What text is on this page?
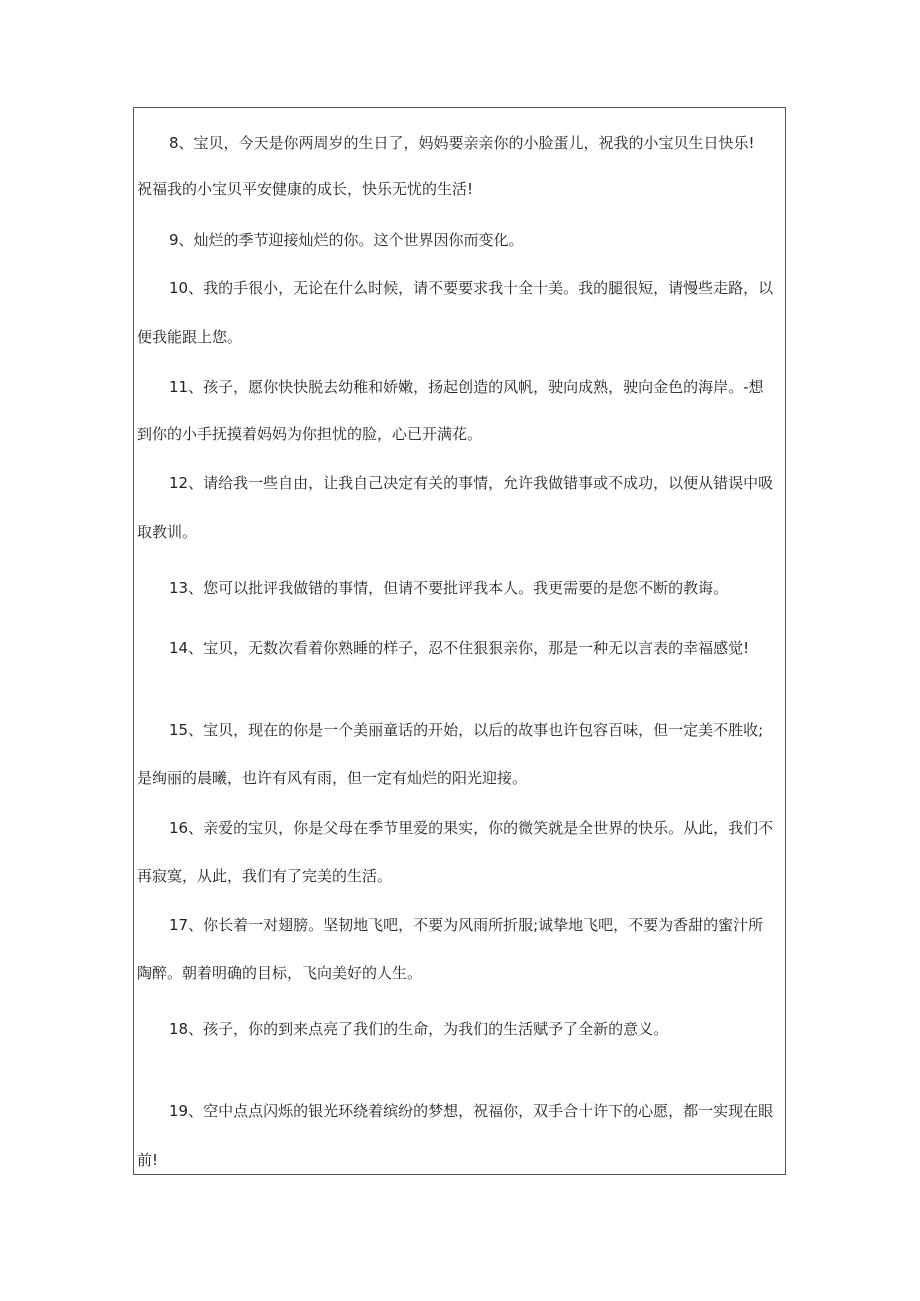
8、宝贝，今天是你两周岁的生日了，妈妈要亲亲你的小脸蛋儿，祝我的小宝贝生日快乐!
祝福我的小宝贝平安健康的成长，快乐无忧的生活!
9、灿烂的季节迎接灿烂的你。这个世界因你而变化。
10、我的手很小，无论在什么时候，请不要要求我十全十美。我的腿很短，请慢些走路，以
便我能跟上您。
11、孩子，愿你快快脱去幼稚和娇嫩，扬起创造的风帆，驶向成熟，驶向金色的海岸。-想
到你的小手抚摸着妈妈为你担忧的脸，心已开满花。
12、请给我一些自由，让我自己决定有关的事情，允许我做错事或不成功，以便从错误中吸
取教训。
13、您可以批评我做错的事情，但请不要批评我本人。我更需要的是您不断的教诲。
14、宝贝，无数次看着你熟睡的样子，忍不住狠狠亲你，那是一种无以言表的幸福感觉!
15、宝贝，现在的你是一个美丽童话的开始，以后的故事也许包容百味，但一定美不胜收;
是绚丽的晨曦，也许有风有雨，但一定有灿烂的阳光迎接。
16、亲爱的宝贝，你是父母在季节里爱的果实，你的微笑就是全世界的快乐。从此，我们不
再寂寞，从此，我们有了完美的生活。
17、你长着一对翅膀。坚韧地飞吧，不要为风雨所折服;诚挚地飞吧，不要为香甜的蜜汁所
陶醉。朝着明确的目标，飞向美好的人生。
18、孩子，你的到来点亮了我们的生命，为我们的生活赋予了全新的意义。
19、空中点点闪烁的银光环绕着缤纷的梦想，祝福你，双手合十许下的心愿，都一实现在眼
前!
